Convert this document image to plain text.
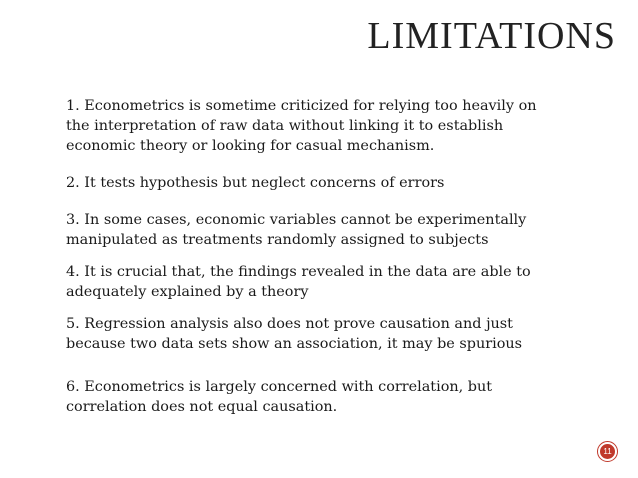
LIMITATIONS
1. Econometrics is sometime criticized for relying too heavily on the interpretation of raw data without linking it to establish economic theory or looking for casual mechanism.
2. It tests hypothesis but neglect concerns of errors
3. In some cases, economic variables cannot be experimentally manipulated as treatments randomly assigned to subjects
4. It is crucial that, the findings revealed in the data are able to adequately explained by a theory
5. Regression analysis also does not prove causation and just because two data sets show an association, it may be spurious
6. Econometrics is largely concerned with correlation, but correlation does not equal causation.
11
